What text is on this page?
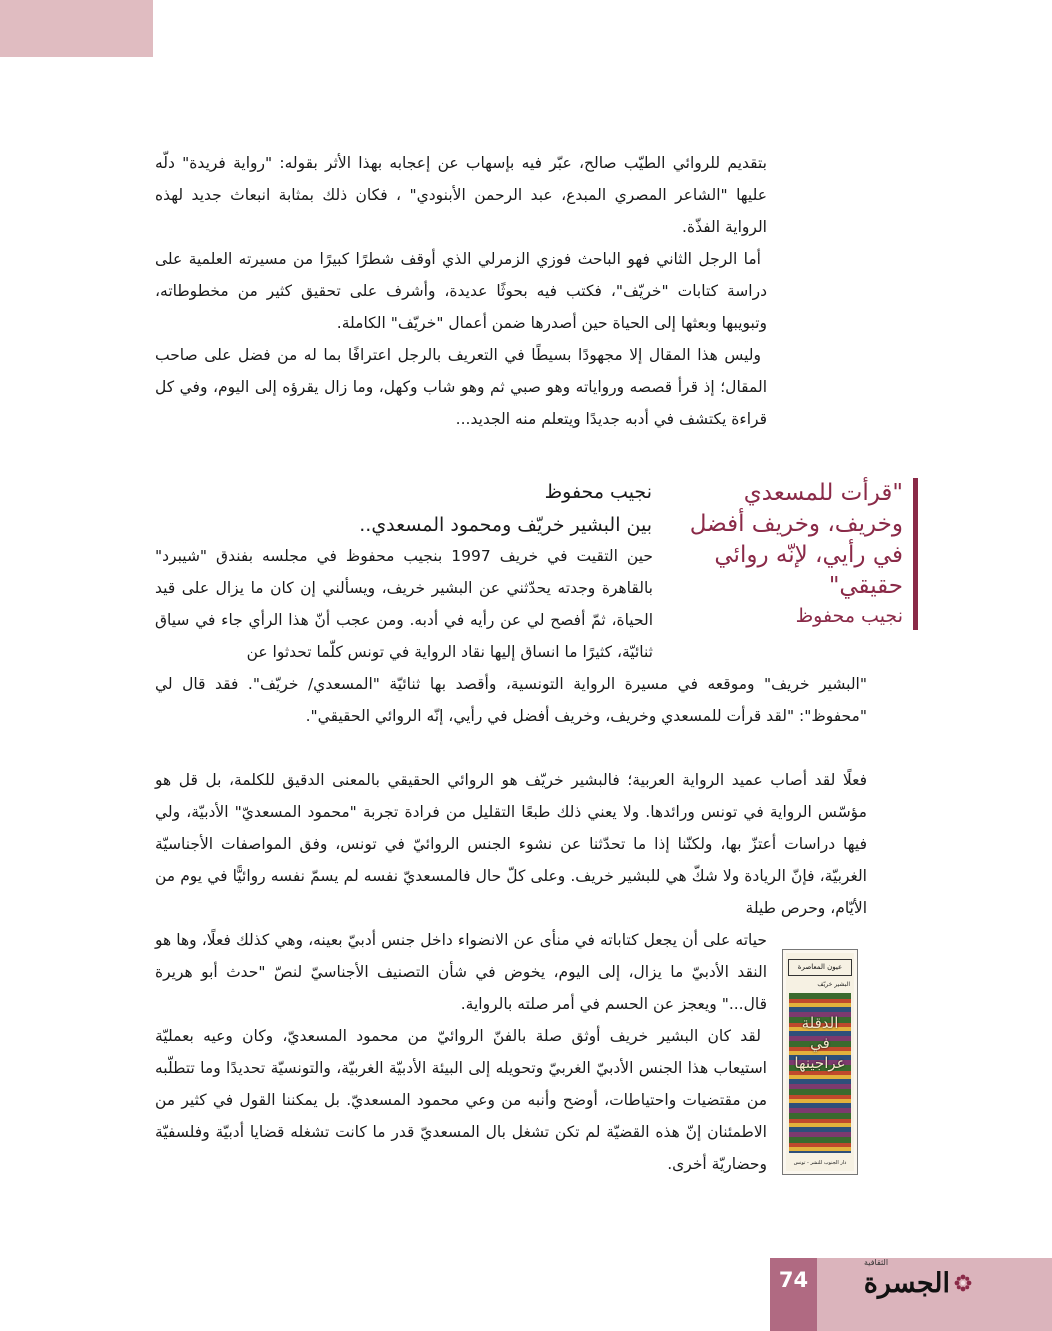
بتقديم للروائي الطيّب صالح، عبّر فيه بإسهاب عن إعجابه بهذا الأثر بقوله: "رواية فريدة" دلّه عليها "الشاعر المصري المبدع، عبد الرحمن الأبنودي" ، فكان ذلك بمثابة انبعاث جديد لهذه الرواية الفذّة.

أما الرجل الثاني فهو الباحث فوزي الزمرلي الذي أوقف شطرًا كبيرًا من مسيرته العلمية على دراسة كتابات "خريّف"، فكتب فيه بحوثًا عديدة، وأشرف على تحقيق كثير من مخطوطاته، وتبويبها وبعثها إلى الحياة حين أصدرها ضمن أعمال "خريّف" الكاملة.

وليس هذا المقال إلا مجهودًا بسيطًا في التعريف بالرجل اعترافًا بما له من فضل على صاحب المقال؛ إذ قرأ قصصه ورواياته وهو صبي ثم وهو شاب وكهل، وما زال يقرؤه إلى اليوم، وفي كل قراءة يكتشف في أدبه جديدًا ويتعلم منه الجديد...

"قرأت للمسعدي وخريف، وخريف أفضل في رأيي، لإنّه روائي حقيقي"

نجيب محفوظ

نجيب محفوظ

بين البشير خريّف ومحمود المسعدي..

حين التقيت في خريف 1997 بنجيب محفوظ في مجلسه بفندق "شيبرد" بالقاهرة وجدته يحدّثني عن البشير خريف، ويسألني إن كان ما يزال على قيد الحياة، ثمّ أفصح لي عن رأيه في أدبه. ومن عجب أنّ هذا الرأي جاء في سياق ثنائيّة، كثيرًا ما انساق إليها نقاد الرواية في تونس كلّما تحدثوا عن

"البشير خريف" وموقعه في مسيرة الرواية التونسية، وأقصد بها ثنائيّة "المسعدي/ خريّف". فقد قال لي "محفوظ": "لقد قرأت للمسعدي وخريف، وخريف أفضل في رأيي، إنّه الروائي الحقيقي".

فعلًا لقد أصاب عميد الرواية العربية؛ فالبشير خريّف هو الروائي الحقيقي بالمعنى الدقيق للكلمة، بل قل هو مؤسّس الرواية في تونس ورائدها. ولا يعني ذلك طبعًا التقليل من فرادة تجربة "محمود المسعديّ" الأدبيّة، ولي فيها دراسات أعتزّ بها، ولكنّنا إذا ما تحدّثنا عن نشوء الجنس الروائيّ في تونس، وفق المواصفات الأجناسيّة الغربيّة، فإنّ الريادة ولا شكّ هي للبشير خريف. وعلى كلّ حال فالمسعديّ نفسه لم يسمّ نفسه روائيًّا في يوم من الأيّام، وحرص طيلة

حياته على أن يجعل كتاباته في منأى عن الانضواء داخل جنس أدبيّ بعينه، وهي كذلك فعلًا، وها هو النقد الأدبيّ ما يزال، إلى اليوم، يخوض في شأن التصنيف الأجناسيّ لنصّ "حدث أبو هريرة قال..." ويعجز عن الحسم في أمر صلته بالرواية.

لقد كان البشير خريف أوثق صلة بالفنّ الروائيّ من محمود المسعديّ، وكان وعيه بعمليّة استيعاب هذا الجنس الأدبيّ الغربيّ وتحويله إلى البيئة الأدبيّة الغربيّة، والتونسيّة تحديدًا وما تتطلّبه من مقتضيات واحتياطات، أوضح وأنبه من وعي محمود المسعديّ. بل يمكننا القول في كثير من الاطمئنان إنّ هذه القضيّة لم تكن تشغل بال المسعديّ قدر ما كانت تشغله قضايا أدبيّة وفلسفيّة وحضاريّة أخرى.

عيون المعاصرة
البشير خريّف
الدقلة في عراجينها
دار الجنوب للنشر - تونس
74
الثقافية
الجسرة
